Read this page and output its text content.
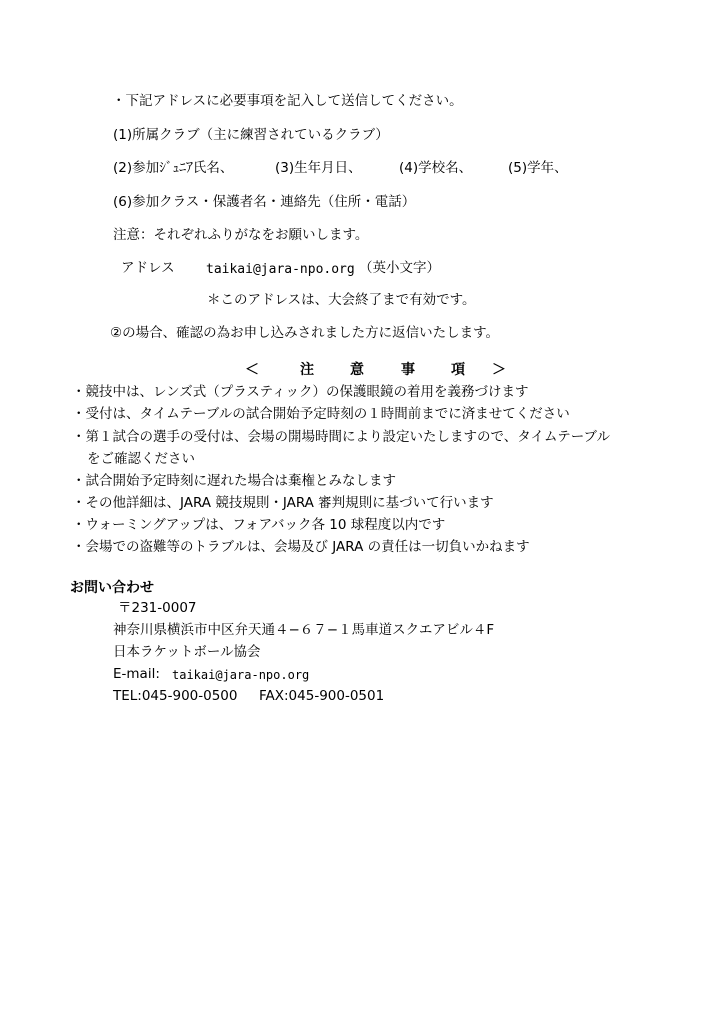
・下記アドレスに必要事項を記入して送信してください。
(1)所属クラブ（主に練習されているクラブ）
(2)参加ｼﾞｭﾆｱ氏名、	(3)生年月日、	(4)学校名、	(5)学年、
(6)参加クラス・保護者名・連絡先（住所・電話）
注意：それぞれふりがなをお願いします。
アドレス taikai@jara-npo.org （英小文字）
＊このアドレスは、大会終了まで有効です。
②の場合、確認の為お申し込みされました方に返信いたします。
＜	注	意	事	項 ＞
・競技中は、レンズ式（プラスティック）の保護眼鏡の着用を義務づけます
・受付は、タイムテーブルの試合開始予定時刻の１時間前までに済ませてください
・第１試合の選手の受付は、会場の開場時間により設定いたしますので、タイムテーブル
をご確認ください
・試合開始予定時刻に遅れた場合は棄権とみなします
・その他詳細は、JARA 競技規則・JARA 審判規則に基づいて行います
・ウォーミングアップは、フォアバック各 10 球程度以内です
・会場での盗難等のトラブルは、会場及び JARA の責任は一切負いかねます
お問い合わせ
〒231-0007
神奈川県横浜市中区弁天通４−６７−１馬車道スクエアビル４F
日本ラケットボール協会
E-mail: taikai@jara-npo.org
TEL:045-900-0500 FAX:045-900-0501
